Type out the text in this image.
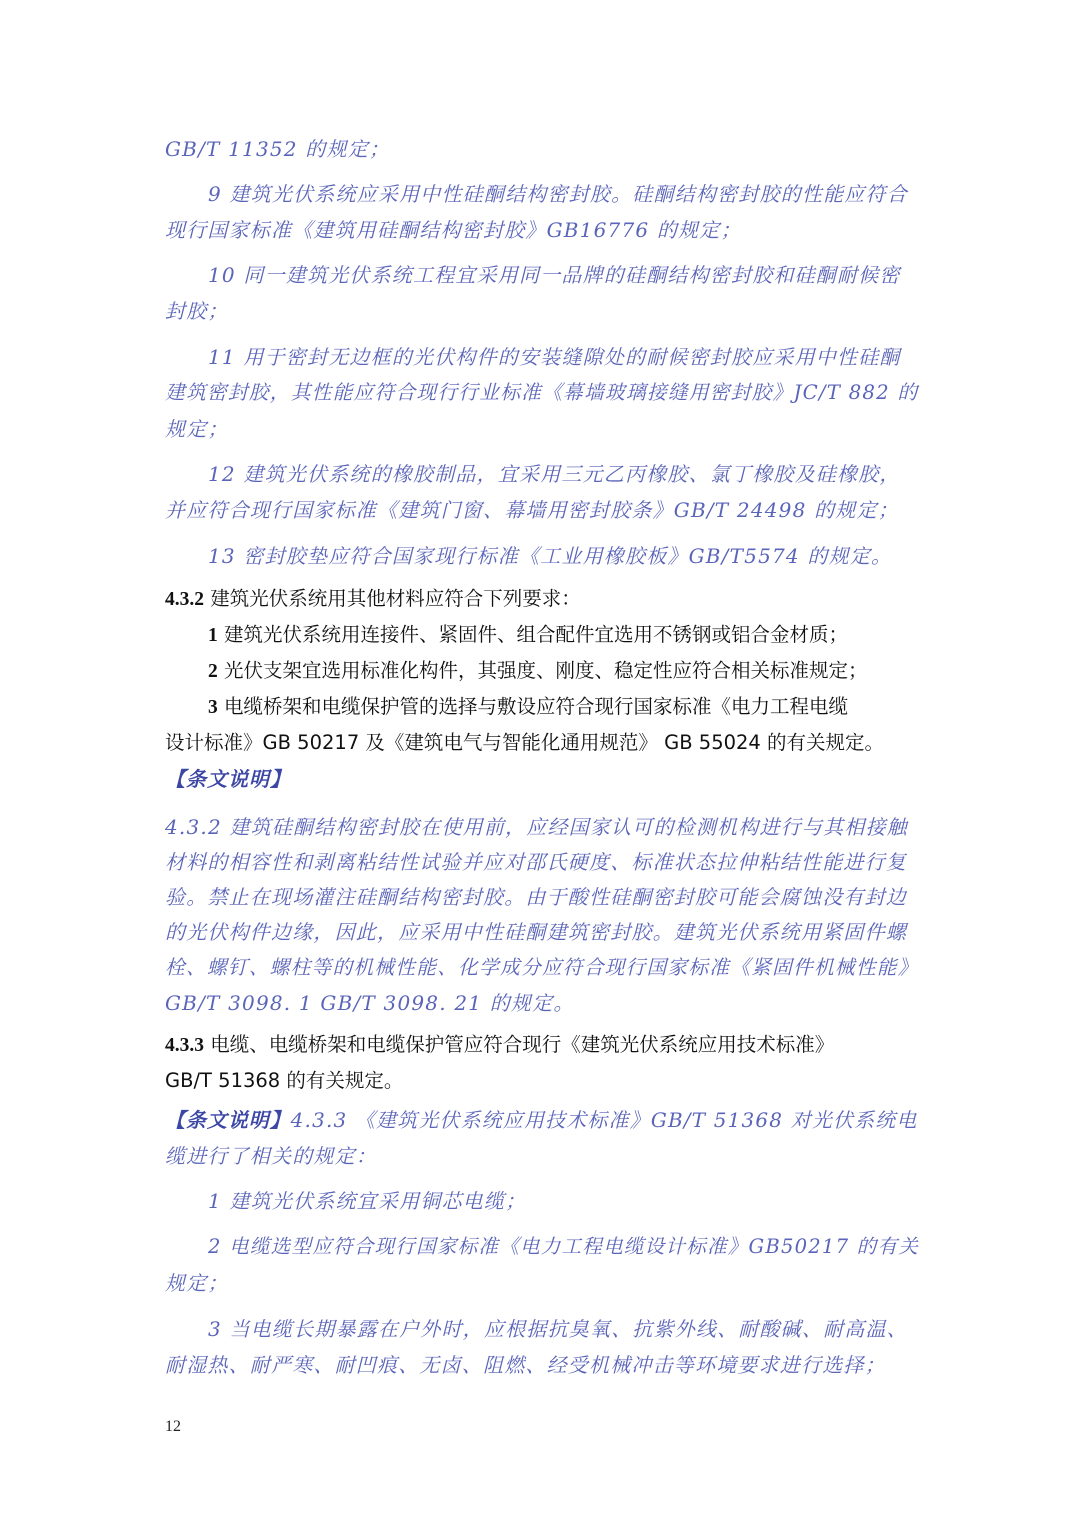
GB/T 11352 的规定；
9 建筑光伏系统应采用中性硅酮结构密封胶。硅酮结构密封胶的性能应符合
现行国家标准《建筑用硅酮结构密封胶》GB16776 的规定；
10 同一建筑光伏系统工程宜采用同一品牌的硅酮结构密封胶和硅酮耐候密
封胶；
11 用于密封无边框的光伏构件的安装缝隙处的耐候密封胶应采用中性硅酮
建筑密封胶，其性能应符合现行行业标准《幕墙玻璃接缝用密封胶》JC/T 882 的
规定；
12 建筑光伏系统的橡胶制品，宜采用三元乙丙橡胶、氯丁橡胶及硅橡胶，
并应符合现行国家标准《建筑门窗、幕墙用密封胶条》GB/T 24498 的规定；
13 密封胶垫应符合国家现行标准《工业用橡胶板》GB/T5574 的规定。
4.3.2 建筑光伏系统用其他材料应符合下列要求：
1 建筑光伏系统用连接件、紧固件、组合配件宜选用不锈钢或铝合金材质；
2 光伏支架宜选用标准化构件，其强度、刚度、稳定性应符合相关标准规定；
3 电缆桥架和电缆保护管的选择与敷设应符合现行国家标准《电力工程电缆
设计标准》GB 50217 及《建筑电气与智能化通用规范》 GB 55024 的有关规定。
【条文说明】
4.3.2 建筑硅酮结构密封胶在使用前，应经国家认可的检测机构进行与其相接触
材料的相容性和剥离粘结性试验并应对邵氏硬度、标准状态拉伸粘结性能进行复
验。禁止在现场灌注硅酮结构密封胶。由于酸性硅酮密封胶可能会腐蚀没有封边
的光伏构件边缘，因此，应采用中性硅酮建筑密封胶。建筑光伏系统用紧固件螺
栓、螺钉、螺柱等的机械性能、化学成分应符合现行国家标准《紧固件机械性能》
GB/T 3098. 1 GB/T 3098. 21 的规定。
4.3.3 电缆、电缆桥架和电缆保护管应符合现行《建筑光伏系统应用技术标准》
GB/T 51368 的有关规定。
【条文说明】4.3.3 《建筑光伏系统应用技术标准》GB/T 51368 对光伏系统电
缆进行了相关的规定：
1 建筑光伏系统宜采用铜芯电缆；
2 电缆选型应符合现行国家标准《电力工程电缆设计标准》GB50217 的有关
规定；
3 当电缆长期暴露在户外时，应根据抗臭氧、抗紫外线、耐酸碱、耐高温、
耐湿热、耐严寒、耐凹痕、无卤、阻燃、经受机械冲击等环境要求进行选择；
12
